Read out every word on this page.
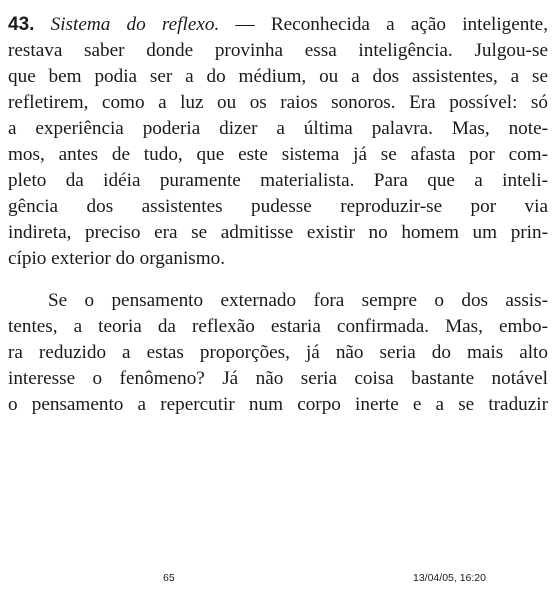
43. Sistema do reflexo. — Reconhecida a ação inteligente,
restava saber donde provinha essa inteligência. Julgou-se
que bem podia ser a do médium, ou a dos assistentes, a se
refletirem, como a luz ou os raios sonoros. Era possível: só
a experiência poderia dizer a última palavra. Mas, note-
mos, antes de tudo, que este sistema já se afasta por com-
pleto da idéia puramente materialista. Para que a inteli-
gência dos assistentes pudesse reproduzir-se por via
indireta, preciso era se admitisse existir no homem um prin-
cípio exterior do organismo.

Se o pensamento externado fora sempre o dos assis-
tentes, a teoria da reflexão estaria confirmada. Mas, embo-
ra reduzido a estas proporções, já não seria do mais alto
interesse o fenômeno? Já não seria coisa bastante notável
o pensamento a repercutir num corpo inerte e a se traduzir

65	13/04/05, 16:20
